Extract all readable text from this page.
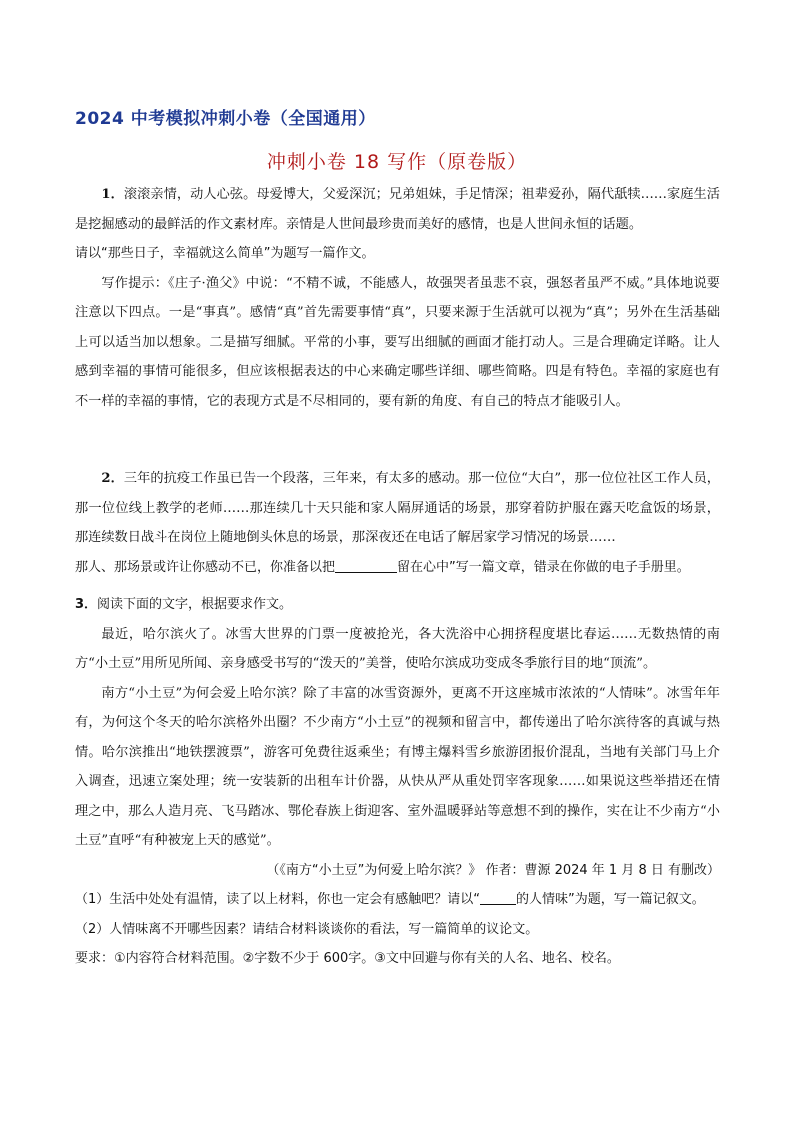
2024 中考模拟冲刺小卷（全国通用）
冲刺小卷 18 写作（原卷版）

1．滚滚亲情，动人心弦。母爱博大，父爱深沉；兄弟姐妹，手足情深；祖辈爱孙，隔代舐犊……家庭生活是挖掘感动的最鲜活的作文素材库。亲情是人世间最珍贵而美好的感情，也是人世间永恒的话题。

请以“那些日子，幸福就这么简单”为题写一篇作文。

写作提示：《庄子·渔父》中说：“不精不诚，不能感人，故强哭者虽悲不哀，强怒者虽严不威。”具体地说要注意以下四点。一是“事真”。感情“真”首先需要事情“真”，只要来源于生活就可以视为“真”；另外在生活基础上可以适当加以想象。二是描写细腻。平常的小事，要写出细腻的画面才能打动人。三是合理确定详略。让人感到幸福的事情可能很多，但应该根据表达的中心来确定哪些详细、哪些简略。四是有特色。幸福的家庭也有不一样的幸福的事情，它的表现方式是不尽相同的，要有新的角度、有自己的特点才能吸引人。

2．三年的抗疫工作虽已告一个段落，三年来，有太多的感动。那一位位“大白”，那一位位社区工作人员，那一位位线上教学的老师……那连续几十天只能和家人隔屏通话的场景，那穿着防护服在露天吃盒饭的场景，那连续数日战斗在岗位上随地倒头休息的场景，那深夜还在电话了解居家学习情况的场景……

那人、那场景或许让你感动不已，你准备以把	留在心中”写一篇文章，错录在你做的电子手册里。

3．阅读下面的文字，根据要求作文。

最近，哈尔滨火了。冰雪大世界的门票一度被抢光，各大洗浴中心拥挤程度堪比春运……无数热情的南方“小土豆”用所见所闻、亲身感受书写的“泼天的”美誉，使哈尔滨成功变成冬季旅行目的地“顶流”。

南方“小土豆”为何会爱上哈尔滨？除了丰富的冰雪资源外，更离不开这座城市浓浓的“人情味”。冰雪年年有，为何这个冬天的哈尔滨格外出圈？不少南方“小土豆”的视频和留言中，都传递出了哈尔滨待客的真诚与热情。哈尔滨推出“地铁摆渡票”，游客可免费往返乘坐；有博主爆料雪乡旅游团报价混乱，当地有关部门马上介入调查，迅速立案处理；统一安装新的出租车计价器，从快从严从重处罚宰客现象……如果说这些举措还在情理之中，那么人造月亮、飞马踏冰、鄂伦春族上街迎客、室外温暖驿站等意想不到的操作，实在让不少南方“小土豆”直呼“有种被宠上天的感觉”。

（《南方“小土豆”为何爱上哈尔滨？》 作者：曹源 2024 年 1 月 8 日 有删改）

（1）生活中处处有温情，读了以上材料，你也一定会有感触吧？请以“	的人情味”为题，写一篇记叙文。

（2）人情味离不开哪些因素？请结合材料谈谈你的看法，写一篇简单的议论文。

要求：①内容符合材料范围。②字数不少于 600字。③文中回避与你有关的人名、地名、校名。
